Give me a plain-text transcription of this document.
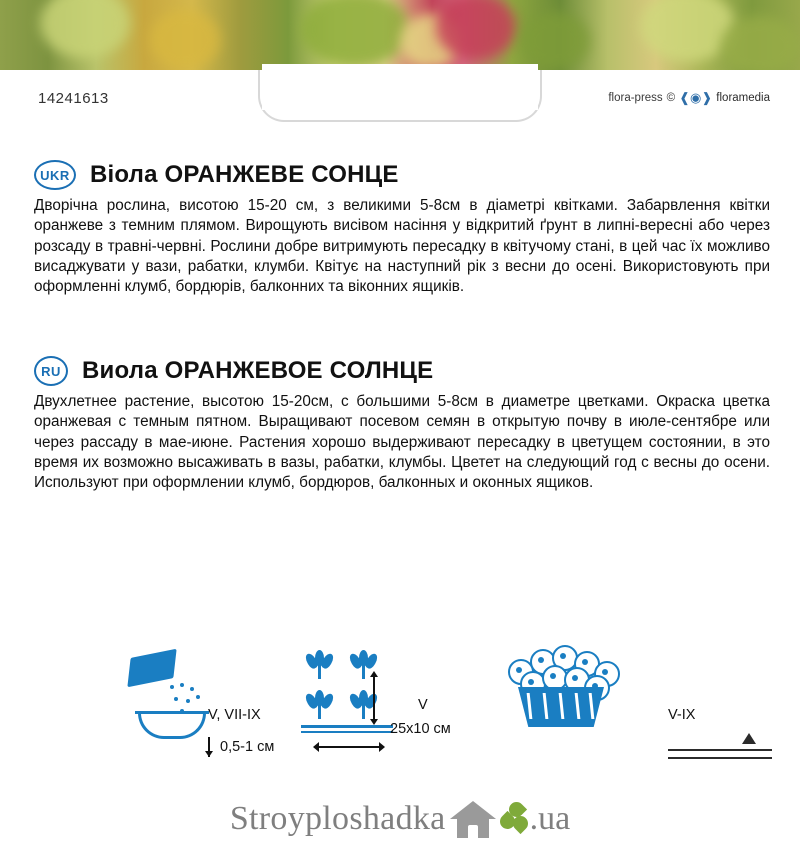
14241613	flora-press © ❰◉❱ floramedia
UKR Віола ОРАНЖЕВЕ СОНЦЕ
Дворічна рослина, висотою 15-20 см, з великими 5-8см в діаметрі квітками. Забарвлення квітки оранжеве з темним плямом. Вирощують висівом насіння у відкритий ґрунт в липні-вересні або через розсаду в травні-червні. Рослини добре витримують пересадку в квітучому стані, в цей час їх можливо висаджувати у вази, рабатки, клумби. Квітує на наступний рік з весни до осені. Використовують при оформленні клумб, бордюрів, балконних та віконних ящиків.
RU Виола ОРАНЖЕВОЕ СОЛНЦЕ
Двухлетнее растение, высотою 15-20см, с большими 5-8см в диаметре цветками. Окраска цветка оранжевая с темным пятном. Выращивают посевом семян в открытую почву в июле-сентябре или через рассаду в мае-июне. Растения хорошо выдерживают пересадку в цветущем состоянии, в это время их возможно высаживать в вазы, рабатки, клумбы. Цветет на следующий год с весны до осени. Используют при оформлении клумб, бордюров, балконных и оконных ящиков.
V, VII-IX
0,5-1 см
V
25x10 см
V-IX
Stroyploshadka .ua
